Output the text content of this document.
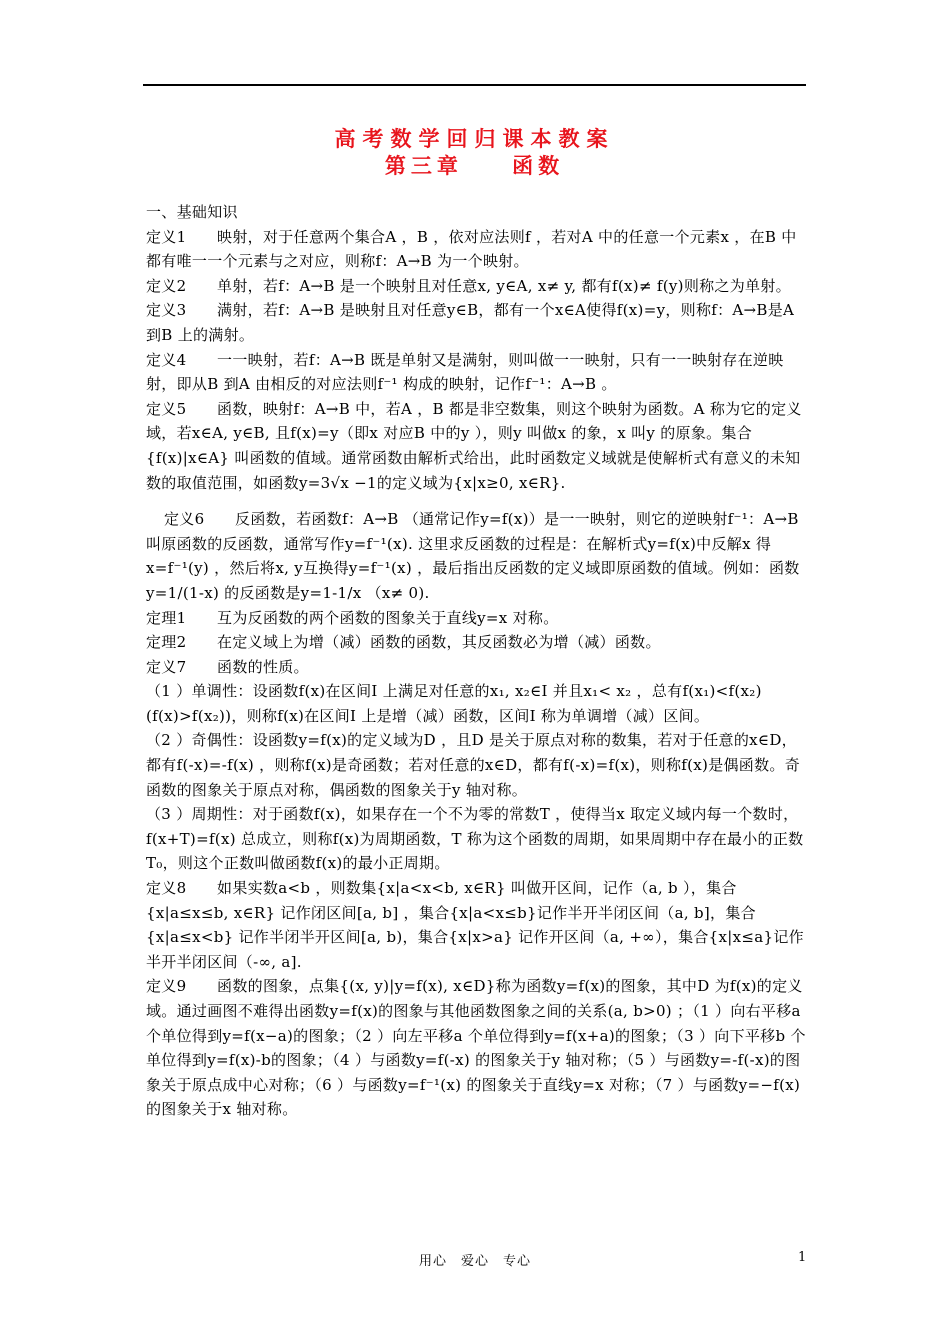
高考数学回归课本教案
第三章    函数

一、基础知识

定义1　　映射，对于任意两个集合A ，B ，依对应法则f ，若对A 中的任意一个元素x ，在B 中都有唯一一个元素与之对应，则称f：A→B 为一个映射。

定义2　　单射，若f：A→B 是一个映射且对任意x, y∈A, x≠ y, 都有f(x)≠ f(y)则称之为单射。

定义3　　满射，若f：A→B 是映射且对任意y∈B，都有一个x∈A使得f(x)=y，则称f：A→B是A 到B 上的满射。

定义4　　一一映射，若f：A→B 既是单射又是满射，则叫做一一映射，只有一一映射存在逆映射，即从B 到A 由相反的对应法则f⁻¹ 构成的映射，记作f⁻¹：A→B 。

定义5　　函数，映射f：A→B 中，若A ，B 都是非空数集，则这个映射为函数。A 称为它的定义域，若x∈A, y∈B, 且f(x)=y（即x 对应B 中的y ），则y 叫做x 的象，x 叫y 的原象。集合{f(x)|x∈A} 叫函数的值域。通常函数由解析式给出，此时函数定义域就是使解析式有意义的未知数的取值范围，如函数y=3√x −1的定义域为{x|x≥0, x∈R}.

定义6　　反函数，若函数f：A→B （通常记作y=f(x)）是一一映射，则它的逆映射f⁻¹：A→B叫原函数的反函数，通常写作y=f⁻¹(x). 这里求反函数的过程是：在解析式y=f(x)中反解x 得x=f⁻¹(y) ，然后将x, y互换得y=f⁻¹(x) ，最后指出反函数的定义域即原函数的值域。例如：函数y=1/(1-x) 的反函数是y=1-1/x （x≠ 0).

定理1　　互为反函数的两个函数的图象关于直线y=x 对称。

定理2　　在定义域上为增（减）函数的函数，其反函数必为增（减）函数。

定义7　　函数的性质。

（1 ）单调性：设函数f(x)在区间I 上满足对任意的x₁, x₂∈I 并且x₁< x₂ ，总有f(x₁)<f(x₂)(f(x)>f(x₂))，则称f(x)在区间I 上是增（减）函数，区间I 称为单调增（减）区间。

（2 ）奇偶性：设函数y=f(x)的定义域为D ，且D 是关于原点对称的数集，若对于任意的x∈D，都有f(-x)=-f(x) ，则称f(x)是奇函数；若对任意的x∈D，都有f(-x)=f(x)，则称f(x)是偶函数。奇函数的图象关于原点对称，偶函数的图象关于y 轴对称。

（3 ）周期性：对于函数f(x)，如果存在一个不为零的常数T ，使得当x 取定义域内每一个数时，f(x+T)=f(x) 总成立，则称f(x)为周期函数，T 称为这个函数的周期，如果周期中存在最小的正数T₀，则这个正数叫做函数f(x)的最小正周期。

定义8　　如果实数a<b ，则数集{x|a<x<b, x∈R} 叫做开区间，记作（a, b ），集合{x|a≤x≤b, x∈R} 记作闭区间[a, b] ，集合{x|a<x≤b}记作半开半闭区间（a, b]，集合{x|a≤x<b} 记作半闭半开区间[a, b)，集合{x|x>a} 记作开区间（a, +∞），集合{x|x≤a}记作半开半闭区间（-∞, a].

定义9　　函数的图象，点集{(x, y)|y=f(x), x∈D}称为函数y=f(x)的图象，其中D 为f(x)的定义域。通过画图不难得出函数y=f(x)的图象与其他函数图象之间的关系(a, b>0) ；（1 ）向右平移a 个单位得到y=f(x−a)的图象；（2 ）向左平移a 个单位得到y=f(x+a)的图象；（3 ）向下平移b 个单位得到y=f(x)-b的图象；（4 ）与函数y=f(-x) 的图象关于y 轴对称；（5 ）与函数y=-f(-x)的图象关于原点成中心对称；（6 ）与函数y=f⁻¹(x) 的图象关于直线y=x 对称；（7 ）与函数y=−f(x) 的图象关于x 轴对称。

用心　爱心　专心	1
